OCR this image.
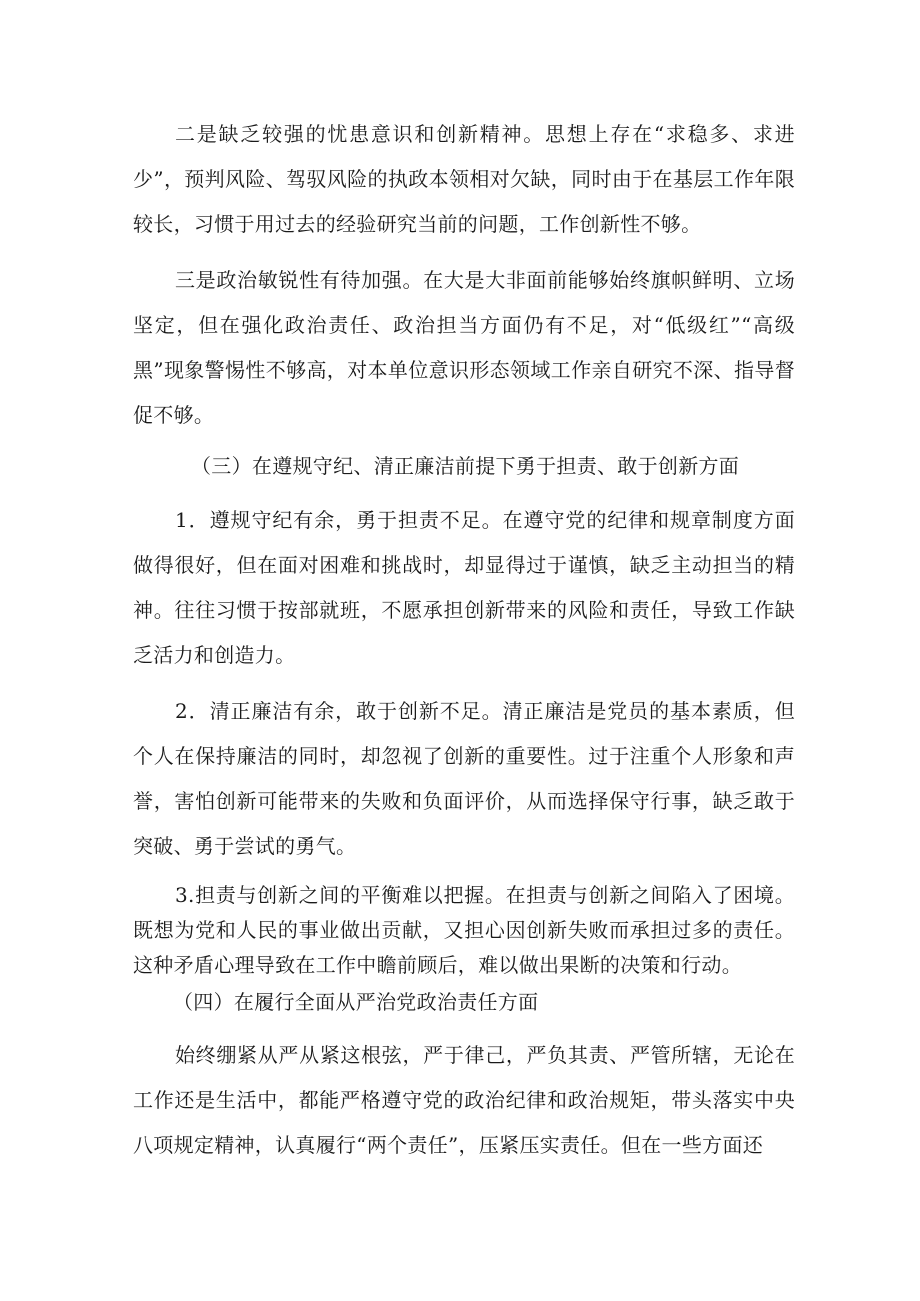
二是缺乏较强的忧患意识和创新精神。思想上存在“求稳多、求进少”，预判风险、驾驭风险的执政本领相对欠缺，同时由于在基层工作年限较长，习惯于用过去的经验研究当前的问题，工作创新性不够。

三是政治敏锐性有待加强。在大是大非面前能够始终旗帜鲜明、立场坚定，但在强化政治责任、政治担当方面仍有不足，对“低级红”“高级黑”现象警惕性不够高，对本单位意识形态领域工作亲自研究不深、指导督促不够。

（三）在遵规守纪、清正廉洁前提下勇于担责、敢于创新方面

1．遵规守纪有余，勇于担责不足。在遵守党的纪律和规章制度方面做得很好，但在面对困难和挑战时，却显得过于谨慎，缺乏主动担当的精神。往往习惯于按部就班，不愿承担创新带来的风险和责任，导致工作缺乏活力和创造力。

2．清正廉洁有余，敢于创新不足。清正廉洁是党员的基本素质，但个人在保持廉洁的同时，却忽视了创新的重要性。过于注重个人形象和声誉，害怕创新可能带来的失败和负面评价，从而选择保守行事，缺乏敢于突破、勇于尝试的勇气。

3.担责与创新之间的平衡难以把握。在担责与创新之间陷入了困境。既想为党和人民的事业做出贡献，又担心因创新失败而承担过多的责任。这种矛盾心理导致在工作中瞻前顾后，难以做出果断的决策和行动。

（四）在履行全面从严治党政治责任方面

始终绷紧从严从紧这根弦，严于律己，严负其责、严管所辖，无论在工作还是生活中，都能严格遵守党的政治纪律和政治规矩，带头落实中央八项规定精神，认真履行“两个责任”，压紧压实责任。但在一些方面还
